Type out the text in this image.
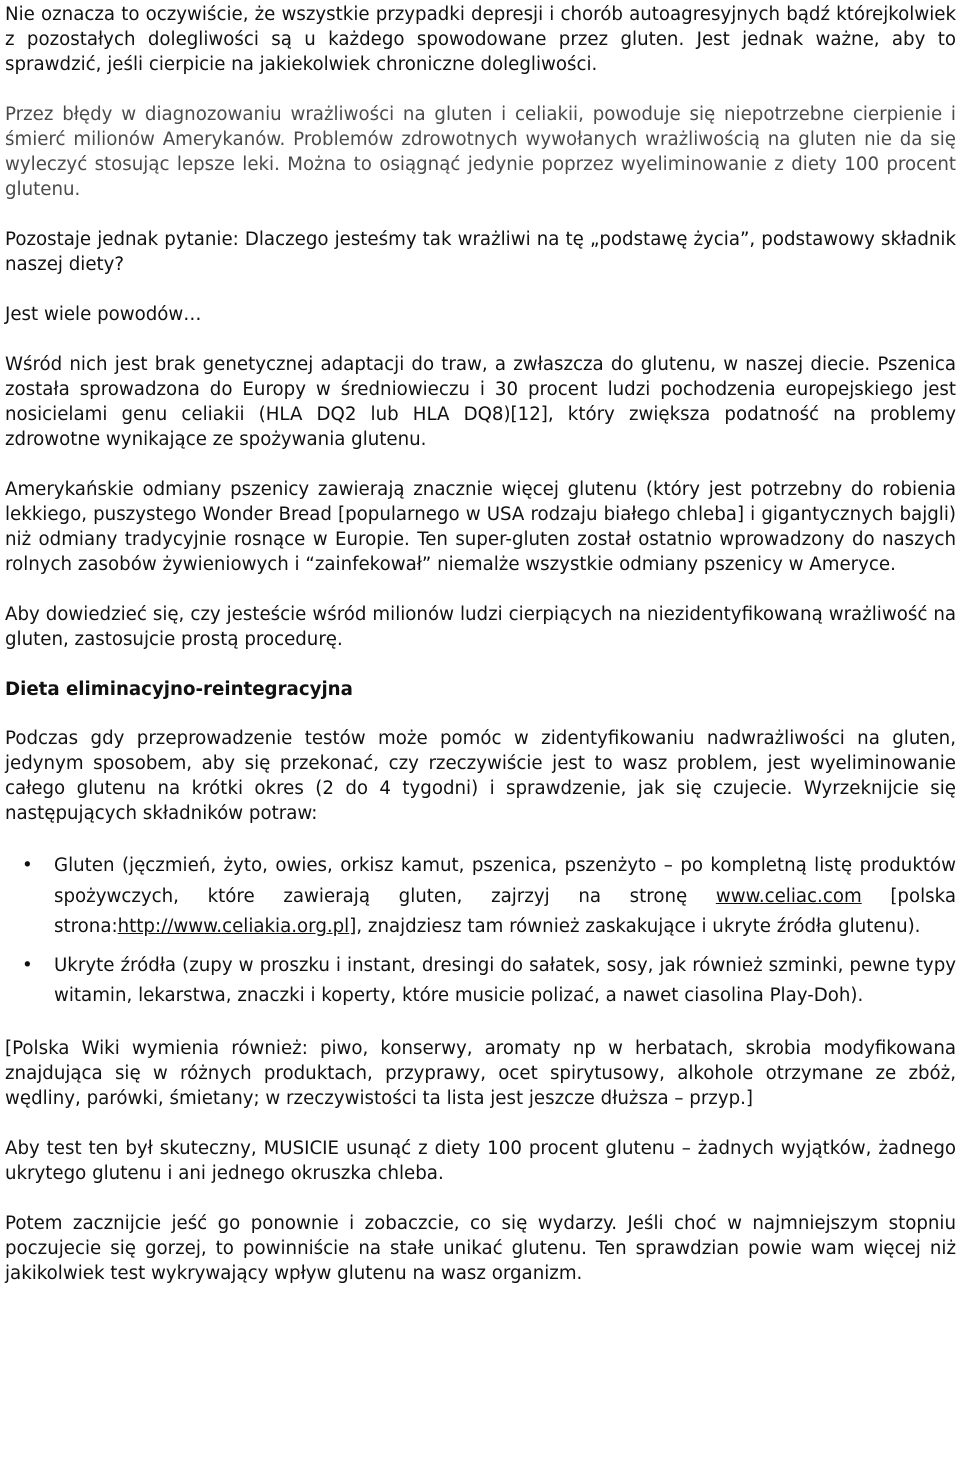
Nie oznacza to oczywiście, że wszystkie przypadki depresji i chorób autoagresyjnych bądź którejkolwiek z pozostałych dolegliwości są u każdego spowodowane przez gluten. Jest jednak ważne, aby to sprawdzić, jeśli cierpicie na jakiekolwiek chroniczne dolegliwości.

Przez błędy w diagnozowaniu wrażliwości na gluten i celiakii, powoduje się niepotrzebne cierpienie i śmierć milionów Amerykanów. Problemów zdrowotnych wywołanych wrażliwością na gluten nie da się wyleczyć stosując lepsze leki. Można to osiągnąć jedynie poprzez wyeliminowanie z diety 100 procent glutenu.

Pozostaje jednak pytanie: Dlaczego jesteśmy tak wrażliwi na tę „podstawę życia”, podstawowy składnik naszej diety?

Jest wiele powodów…

Wśród nich jest brak genetycznej adaptacji do traw, a zwłaszcza do glutenu, w naszej diecie. Pszenica została sprowadzona do Europy w średniowieczu i 30 procent ludzi pochodzenia europejskiego jest nosicielami genu celiakii (HLA DQ2 lub HLA DQ8)[12], który zwiększa podatność na problemy zdrowotne wynikające ze spożywania glutenu.

Amerykańskie odmiany pszenicy zawierają znacznie więcej glutenu (który jest potrzebny do robienia lekkiego, puszystego Wonder Bread [popularnego w USA rodzaju białego chleba] i gigantycznych bajgli) niż odmiany tradycyjnie rosnące w Europie. Ten super-gluten został ostatnio wprowadzony do naszych rolnych zasobów żywieniowych i “zainfekował” niemalże wszystkie odmiany pszenicy w Ameryce.

Aby dowiedzieć się, czy jesteście wśród milionów ludzi cierpiących na niezidentyfikowaną wrażliwość na gluten, zastosujcie prostą procedurę.

Dieta eliminacyjno-reintegracyjna

Podczas gdy przeprowadzenie testów może pomóc w zidentyfikowaniu nadwrażliwości na gluten, jedynym sposobem, aby się przekonać, czy rzeczywiście jest to wasz problem, jest wyeliminowanie całego glutenu na krótki okres (2 do 4 tygodni) i sprawdzenie, jak się czujecie. Wyrzeknijcie się następujących składników potraw:

• Gluten (jęczmień, żyto, owies, orkisz kamut, pszenica, pszenżyto – po kompletną listę produktów spożywczych, które zawierają gluten, zajrzyj na stronę www.celiac.com [polska strona:http://www.celiakia.org.pl], znajdziesz tam również zaskakujące i ukryte źródła glutenu).
• Ukryte źródła (zupy w proszku i instant, dresingi do sałatek, sosy, jak również szminki, pewne typy witamin, lekarstwa, znaczki i koperty, które musicie polizać, a nawet ciasolina Play-Doh).

[Polska Wiki wymienia również: piwo, konserwy, aromaty np w herbatach, skrobia modyfikowana znajdująca się w różnych produktach, przyprawy, ocet spirytusowy, alkohole otrzymane ze zbóż, wędliny, parówki, śmietany; w rzeczywistości ta lista jest jeszcze dłuższa – przyp.]

Aby test ten był skuteczny, MUSICIE usunąć z diety 100 procent glutenu – żadnych wyjątków, żadnego ukrytego glutenu i ani jednego okruszka chleba.

Potem zacznijcie jeść go ponownie i zobaczcie, co się wydarzy. Jeśli choć w najmniejszym stopniu poczujecie się gorzej, to powinniście na stałe unikać glutenu. Ten sprawdzian powie wam więcej niż jakikolwiek test wykrywający wpływ glutenu na wasz organizm.
